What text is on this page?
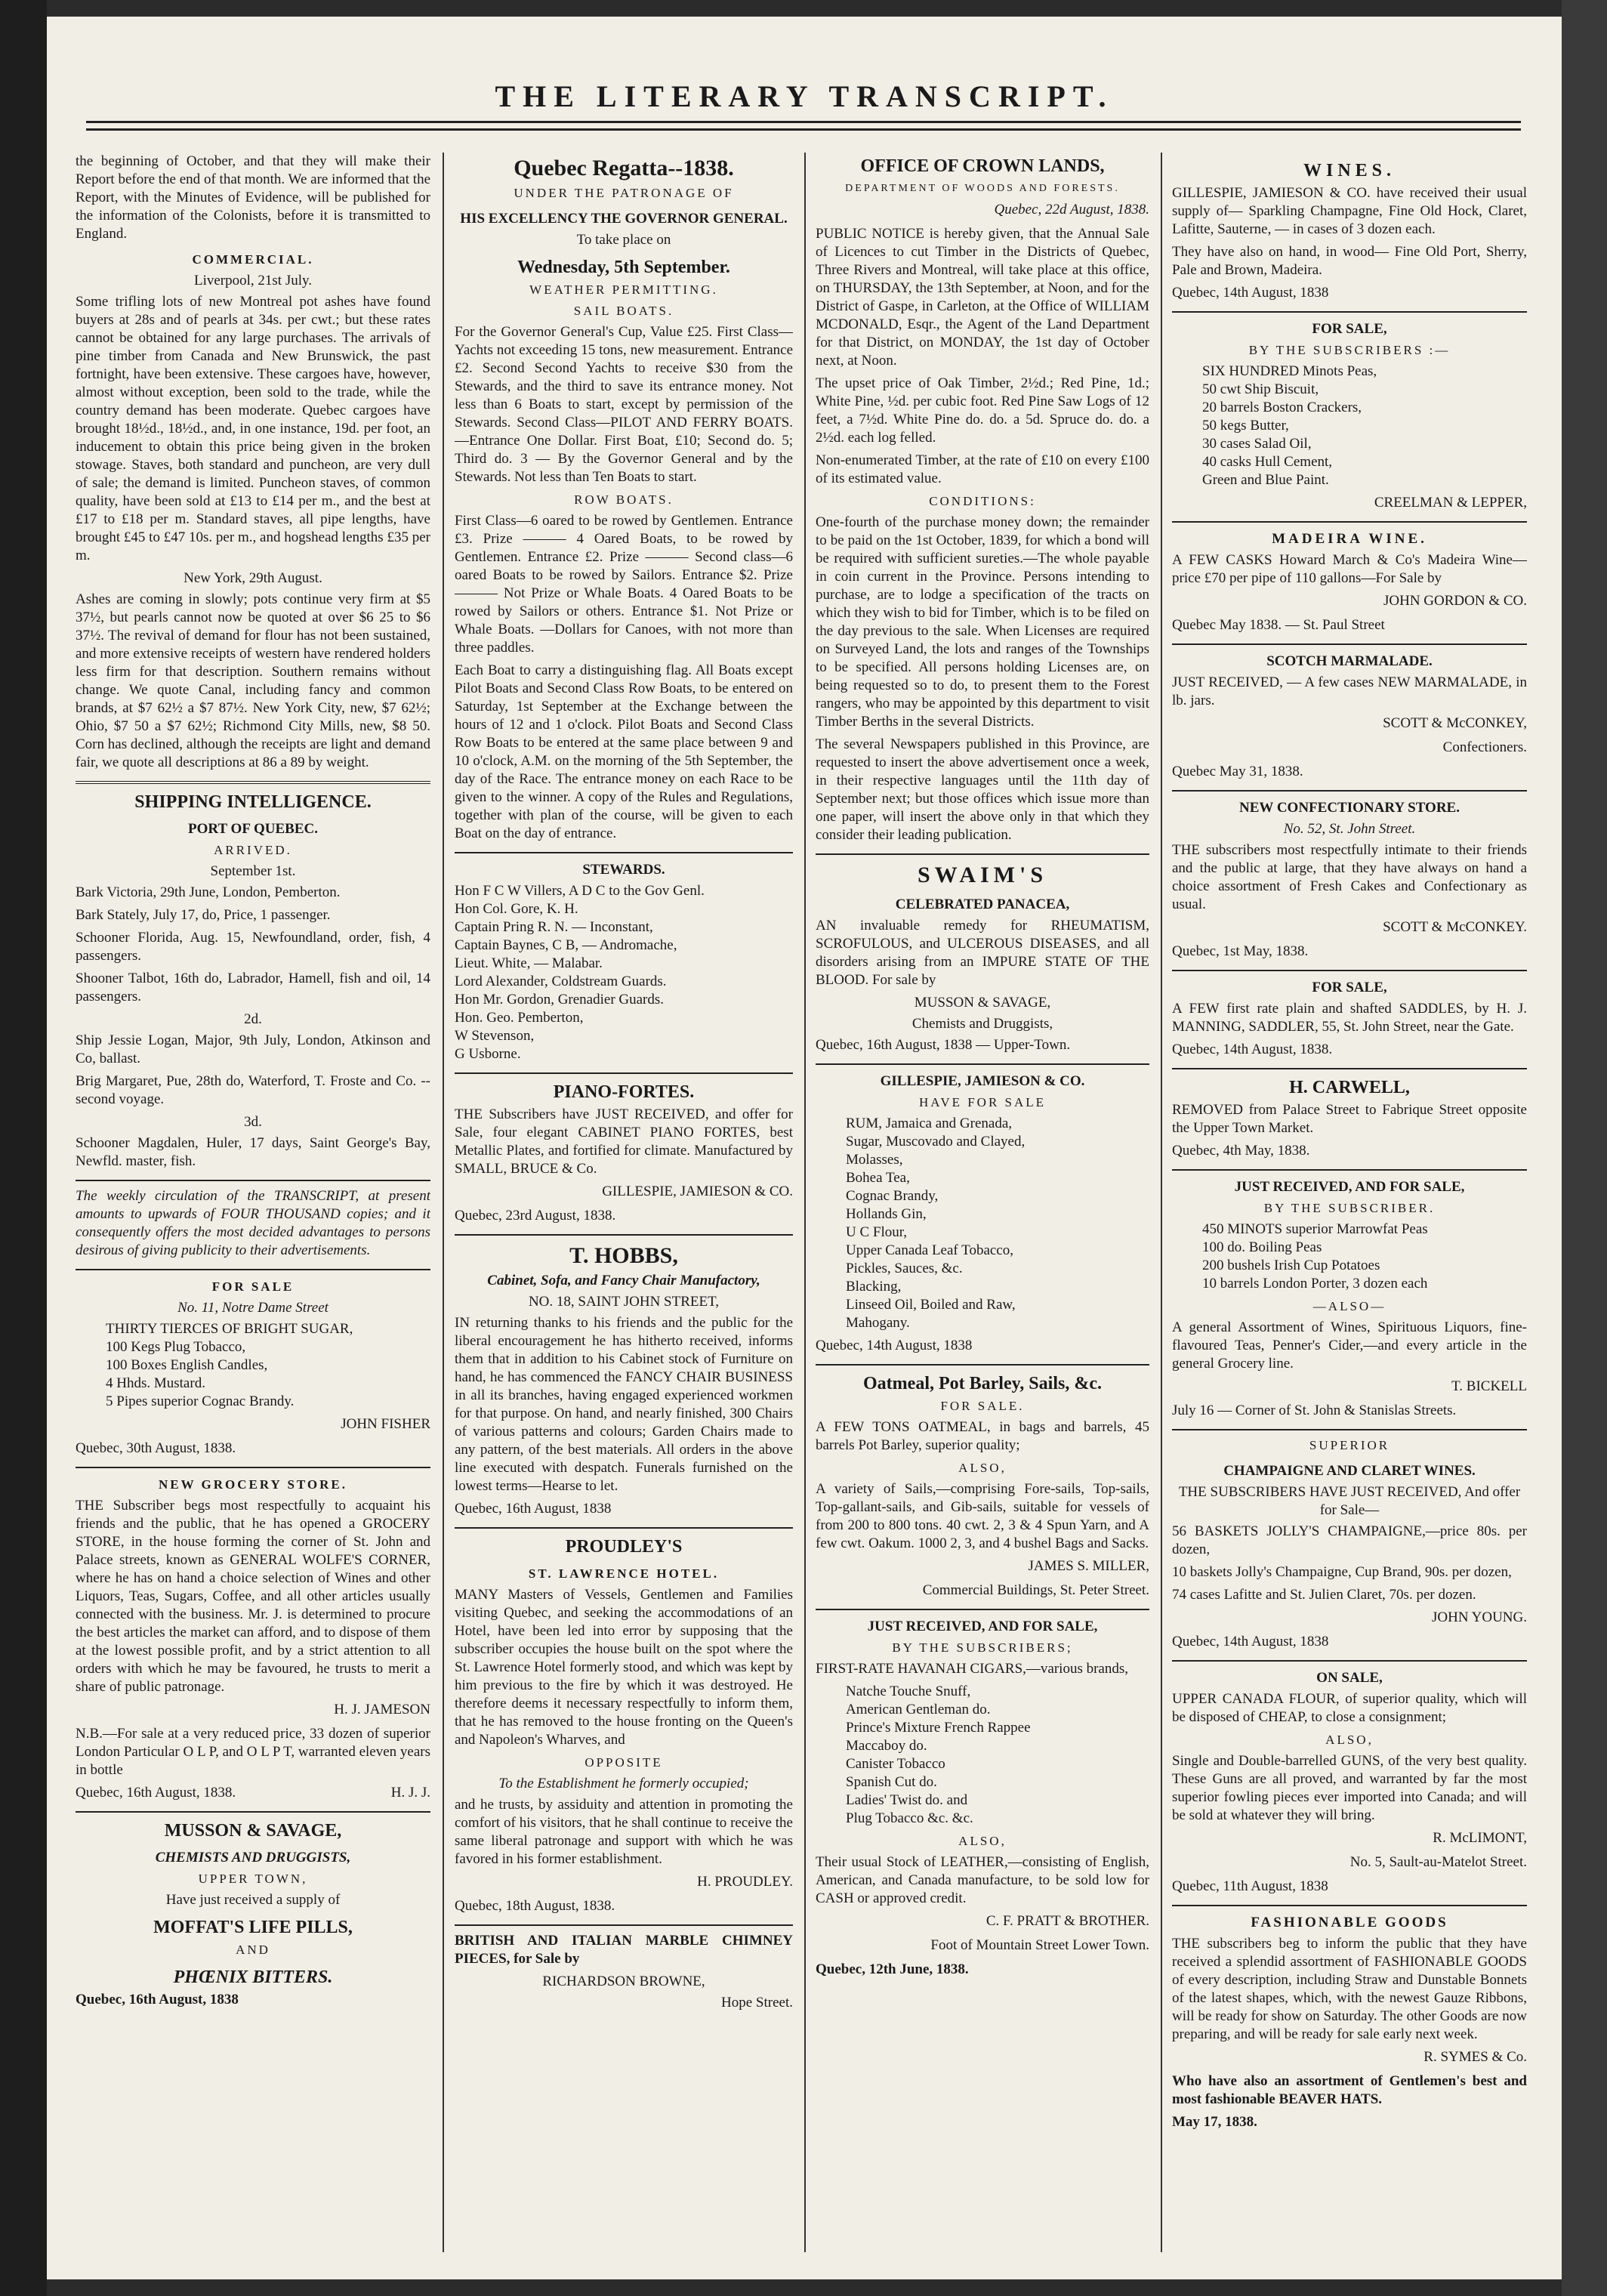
THE LITERARY TRANSCRIPT.

the beginning of October, and that they will make their Report before the end of that month. We are informed that the Report, with the Minutes of Evidence, will be published for the information of the Colonists, before it is transmitted to England.

COMMERCIAL.
Liverpool, 21st July.

Some trifling lots of new Montreal pot ashes have found buyers at 28s and of pearls at 34s. per cwt.; but these rates cannot be obtained for any large purchases. The arrivals of pine timber from Canada and New Brunswick, the past fortnight, have been extensive. These cargoes have, however, almost without exception, been sold to the trade, while the country demand has been moderate. Quebec cargoes have brought 18½d., 18½d., and, in one instance, 19d. per foot, an inducement to obtain this price being given in the broken stowage. Staves, both standard and puncheon, are very dull of sale; the demand is limited. Puncheon staves, of common quality, have been sold at £13 to £14 per m., and the best at £17 to £18 per m. Standard staves, all pipe lengths, have brought £45 to £47 10s. per m., and hogshead lengths £35 per m.

New York, 29th August.

Ashes are coming in slowly; pots continue very firm at $5 37½, but pearls cannot now be quoted at over $6 25 to $6 37½. The revival of demand for flour has not been sustained, and more extensive receipts of western have rendered holders less firm for that description. Southern remains without change. We quote Canal, including fancy and common brands, at $7 62½ a $7 87½. New York City, new, $7 62½; Ohio, $7 50 a $7 62½; Richmond City Mills, new, $8 50. Corn has declined, although the receipts are light and demand fair, we quote all descriptions at 86 a 89 by weight.

SHIPPING INTELLIGENCE.
PORT OF QUEBEC.
ARRIVED.
September 1st.

Bark Victoria, 29th June, London, Pemberton.

Bark Stately, July 17, do, Price, 1 passenger.

Schooner Florida, Aug. 15, Newfoundland, order, fish, 4 passengers.

Shooner Talbot, 16th do, Labrador, Hamell, fish and oil, 14 passengers.

2d.

Ship Jessie Logan, Major, 9th July, London, Atkinson and Co, ballast.

Brig Margaret, Pue, 28th do, Waterford, T. Froste and Co. -- second voyage.

3d.

Schooner Magdalen, Huler, 17 days, Saint George's Bay, Newfld. master, fish.

The weekly circulation of the TRANSCRIPT, at present amounts to upwards of FOUR THOUSAND copies; and it consequently offers the most decided advantages to persons desirous of giving publicity to their advertisements.

FOR SALE
No. 11, Notre Dame Street
THIRTY TIERCES OF BRIGHT SUGAR,
100 Kegs Plug Tobacco,
100 Boxes English Candles,
4 Hhds. Mustard.
5 Pipes superior Cognac Brandy.
JOHN FISHER
Quebec, 30th August, 1838.
NEW GROCERY STORE.

THE Subscriber begs most respectfully to acquaint his friends and the public, that he has opened a GROCERY STORE, in the house forming the corner of St. John and Palace streets, known as GENERAL WOLFE'S CORNER, where he has on hand a choice selection of Wines and other Liquors, Teas, Sugars, Coffee, and all other articles usually connected with the business. Mr. J. is determined to procure the best articles the market can afford, and to dispose of them at the lowest possible profit, and by a strict attention to all orders with which he may be favoured, he trusts to merit a share of public patronage.

H. J. JAMESON

N.B.—For sale at a very reduced price, 33 dozen of superior London Particular O L P, and O L P T, warranted eleven years in bottle

Quebec, 16th August, 1838.	H. J. J.
MUSSON & SAVAGE,
CHEMISTS AND DRUGGISTS,
UPPER TOWN,
Have just received a supply of
MOFFAT'S LIFE PILLS,
AND
PHŒNIX BITTERS.
Quebec, 16th August, 1838
Quebec Regatta--1838.
UNDER THE PATRONAGE OF
HIS EXCELLENCY THE GOVERNOR GENERAL.
To take place on
Wednesday, 5th September.
WEATHER PERMITTING.
SAIL BOATS.

For the Governor General's Cup, Value £25. First Class—Yachts not exceeding 15 tons, new measurement. Entrance £2. Second Second Yachts to receive $30 from the Stewards, and the third to save its entrance money. Not less than 6 Boats to start, except by permission of the Stewards. Second Class—PILOT AND FERRY BOATS.—Entrance One Dollar. First Boat, £10; Second do. 5; Third do. 3 — By the Governor General and by the Stewards. Not less than Ten Boats to start.

ROW BOATS.

First Class—6 oared to be rowed by Gentlemen. Entrance £3. Prize ——— 4 Oared Boats, to be rowed by Gentlemen. Entrance £2. Prize ——— Second class—6 oared Boats to be rowed by Sailors. Entrance $2. Prize——— Not Prize or Whale Boats. 4 Oared Boats to be rowed by Sailors or others. Entrance $1. Not Prize or Whale Boats. —Dollars for Canoes, with not more than three paddles.

Each Boat to carry a distinguishing flag. All Boats except Pilot Boats and Second Class Row Boats, to be entered on Saturday, 1st September at the Exchange between the hours of 12 and 1 o'clock. Pilot Boats and Second Class Row Boats to be entered at the same place between 9 and 10 o'clock, A.M. on the morning of the 5th September, the day of the Race. The entrance money on each Race to be given to the winner. A copy of the Rules and Regulations, together with plan of the course, will be given to each Boat on the day of entrance.

STEWARDS.
Hon F C W Villers, A D C to the Gov Genl.
Hon Col. Gore, K. H.
Captain Pring R. N. — Inconstant,
Captain Baynes, C B, — Andromache,
Lieut. White, — Malabar.
Lord Alexander, Coldstream Guards.
Hon Mr. Gordon, Grenadier Guards.
Hon. Geo. Pemberton,
W Stevenson,
G Usborne.
PIANO-FORTES.

THE Subscribers have JUST RECEIVED, and offer for Sale, four elegant CABINET PIANO FORTES, best Metallic Plates, and fortified for climate. Manufactured by SMALL, BRUCE & Co.

GILLESPIE, JAMIESON & CO.
Quebec, 23rd August, 1838.
T. HOBBS,
Cabinet, Sofa, and Fancy Chair Manufactory,
NO. 18, SAINT JOHN STREET,

IN returning thanks to his friends and the public for the liberal encouragement he has hitherto received, informs them that in addition to his Cabinet stock of Furniture on hand, he has commenced the FANCY CHAIR BUSINESS in all its branches, having engaged experienced workmen for that purpose. On hand, and nearly finished, 300 Chairs of various patterns and colours; Garden Chairs made to any pattern, of the best materials. All orders in the above line executed with despatch. Funerals furnished on the lowest terms—Hearse to let.

Quebec, 16th August, 1838
PROUDLEY'S
ST. LAWRENCE HOTEL.

MANY Masters of Vessels, Gentlemen and Families visiting Quebec, and seeking the accommodations of an Hotel, have been led into error by supposing that the subscriber occupies the house built on the spot where the St. Lawrence Hotel formerly stood, and which was kept by him previous to the fire by which it was destroyed. He therefore deems it necessary respectfully to inform them, that he has removed to the house fronting on the Queen's and Napoleon's Wharves, and

OPPOSITE
To the Establishment he formerly occupied;

and he trusts, by assiduity and attention in promoting the comfort of his visitors, that he shall continue to receive the same liberal patronage and support with which he was favored in his former establishment.

H. PROUDLEY.
Quebec, 18th August, 1838.

BRITISH AND ITALIAN MARBLE CHIMNEY PIECES, for Sale by

RICHARDSON BROWNE,
Hope Street.
OFFICE OF CROWN LANDS,
DEPARTMENT OF WOODS AND FORESTS.
Quebec, 22d August, 1838.

PUBLIC NOTICE is hereby given, that the Annual Sale of Licences to cut Timber in the Districts of Quebec, Three Rivers and Montreal, will take place at this office, on THURSDAY, the 13th September, at Noon, and for the District of Gaspe, in Carleton, at the Office of WILLIAM MCDONALD, Esqr., the Agent of the Land Department for that District, on MONDAY, the 1st day of October next, at Noon.

The upset price of Oak Timber, 2½d.; Red Pine, 1d.; White Pine, ½d. per cubic foot. Red Pine Saw Logs of 12 feet, a 7½d. White Pine do. do. a 5d. Spruce do. do. a 2½d. each log felled.

Non-enumerated Timber, at the rate of £10 on every £100 of its estimated value.

CONDITIONS:

One-fourth of the purchase money down; the remainder to be paid on the 1st October, 1839, for which a bond will be required with sufficient sureties.—The whole payable in coin current in the Province. Persons intending to purchase, are to lodge a specification of the tracts on which they wish to bid for Timber, which is to be filed on the day previous to the sale. When Licenses are required on Surveyed Land, the lots and ranges of the Townships to be specified. All persons holding Licenses are, on being requested so to do, to present them to the Forest rangers, who may be appointed by this department to visit Timber Berths in the several Districts.

The several Newspapers published in this Province, are requested to insert the above advertisement once a week, in their respective languages until the 11th day of September next; but those offices which issue more than one paper, will insert the above only in that which they consider their leading publication.

SWAIM'S
CELEBRATED PANACEA,

AN invaluable remedy for RHEUMATISM, SCROFULOUS, and ULCEROUS DISEASES, and all disorders arising from an IMPURE STATE OF THE BLOOD. For sale by

MUSSON & SAVAGE,
Chemists and Druggists,
Quebec, 16th August, 1838 — Upper-Town.
GILLESPIE, JAMIESON & CO.
HAVE FOR SALE
RUM, Jamaica and Grenada,
Sugar, Muscovado and Clayed,
Molasses,
Bohea Tea,
Cognac Brandy,
Hollands Gin,
U C Flour,
Upper Canada Leaf Tobacco,
Pickles, Sauces, &c.
Blacking,
Linseed Oil, Boiled and Raw,
Mahogany.
Quebec, 14th August, 1838
Oatmeal, Pot Barley, Sails, &c.
FOR SALE.

A FEW TONS OATMEAL, in bags and barrels, 45 barrels Pot Barley, superior quality;

ALSO,

A variety of Sails,—comprising Fore-sails, Top-sails, Top-gallant-sails, and Gib-sails, suitable for vessels of from 200 to 800 tons. 40 cwt. 2, 3 & 4 Spun Yarn, and A few cwt. Oakum. 1000 2, 3, and 4 bushel Bags and Sacks.

JAMES S. MILLER,
Commercial Buildings, St. Peter Street.
JUST RECEIVED, AND FOR SALE,
BY THE SUBSCRIBERS;

FIRST-RATE HAVANAH CIGARS,—various brands,

Natche Touche Snuff,
American Gentleman do.
Prince's Mixture French Rappee
Maccaboy do.
Canister Tobacco
Spanish Cut do.
Ladies' Twist do. and
Plug Tobacco &c. &c.
ALSO,

Their usual Stock of LEATHER,—consisting of English, American, and Canada manufacture, to be sold low for CASH or approved credit.

C. F. PRATT & BROTHER.
Foot of Mountain Street Lower Town.
Quebec, 12th June, 1838.
WINES.

GILLESPIE, JAMIESON & CO. have received their usual supply of— Sparkling Champagne, Fine Old Hock, Claret, Lafitte, Sauterne, — in cases of 3 dozen each.

They have also on hand, in wood— Fine Old Port, Sherry, Pale and Brown, Madeira.

Quebec, 14th August, 1838
FOR SALE,
BY THE SUBSCRIBERS :—
SIX HUNDRED Minots Peas,
50 cwt Ship Biscuit,
20 barrels Boston Crackers,
50 kegs Butter,
30 cases Salad Oil,
40 casks Hull Cement,
Green and Blue Paint.
CREELMAN & LEPPER,
MADEIRA WINE.

A FEW CASKS Howard March & Co's Madeira Wine—price £70 per pipe of 110 gallons—For Sale by

JOHN GORDON & CO.
Quebec May 1838. — St. Paul Street
SCOTCH MARMALADE.

JUST RECEIVED, — A few cases NEW MARMALADE, in lb. jars.

SCOTT & McCONKEY,
Confectioners.
Quebec May 31, 1838.
NEW CONFECTIONARY STORE.
No. 52, St. John Street.

THE subscribers most respectfully intimate to their friends and the public at large, that they have always on hand a choice assortment of Fresh Cakes and Confectionary as usual.

SCOTT & McCONKEY.
Quebec, 1st May, 1838.
FOR SALE,

A FEW first rate plain and shafted SADDLES, by H. J. MANNING, SADDLER, 55, St. John Street, near the Gate.

Quebec, 14th August, 1838.
H. CARWELL,

REMOVED from Palace Street to Fabrique Street opposite the Upper Town Market.

Quebec, 4th May, 1838.
JUST RECEIVED, AND FOR SALE,
BY THE SUBSCRIBER.
450 MINOTS superior Marrowfat Peas
100 do. Boiling Peas
200 bushels Irish Cup Potatoes
10 barrels London Porter, 3 dozen each
—ALSO—

A general Assortment of Wines, Spirituous Liquors, fine-flavoured Teas, Penner's Cider,—and every article in the general Grocery line.

T. BICKELL
July 16 — Corner of St. John & Stanislas Streets.
SUPERIOR
CHAMPAIGNE AND CLARET WINES.
THE SUBSCRIBERS HAVE JUST RECEIVED, And offer for Sale—

56 BASKETS JOLLY'S CHAMPAIGNE,—price 80s. per dozen,

10 baskets Jolly's Champaigne, Cup Brand, 90s. per dozen,

74 cases Lafitte and St. Julien Claret, 70s. per dozen.

JOHN YOUNG.
Quebec, 14th August, 1838
ON SALE,

UPPER CANADA FLOUR, of superior quality, which will be disposed of CHEAP, to close a consignment;

ALSO,

Single and Double-barrelled GUNS, of the very best quality. These Guns are all proved, and warranted by far the most superior fowling pieces ever imported into Canada; and will be sold at whatever they will bring.

R. McLIMONT,
No. 5, Sault-au-Matelot Street.
Quebec, 11th August, 1838
FASHIONABLE GOODS

THE subscribers beg to inform the public that they have received a splendid assortment of FASHIONABLE GOODS of every description, including Straw and Dunstable Bonnets of the latest shapes, which, with the newest Gauze Ribbons, will be ready for show on Saturday. The other Goods are now preparing, and will be ready for sale early next week.

R. SYMES & Co.

Who have also an assortment of Gentlemen's best and most fashionable BEAVER HATS.

May 17, 1838.
